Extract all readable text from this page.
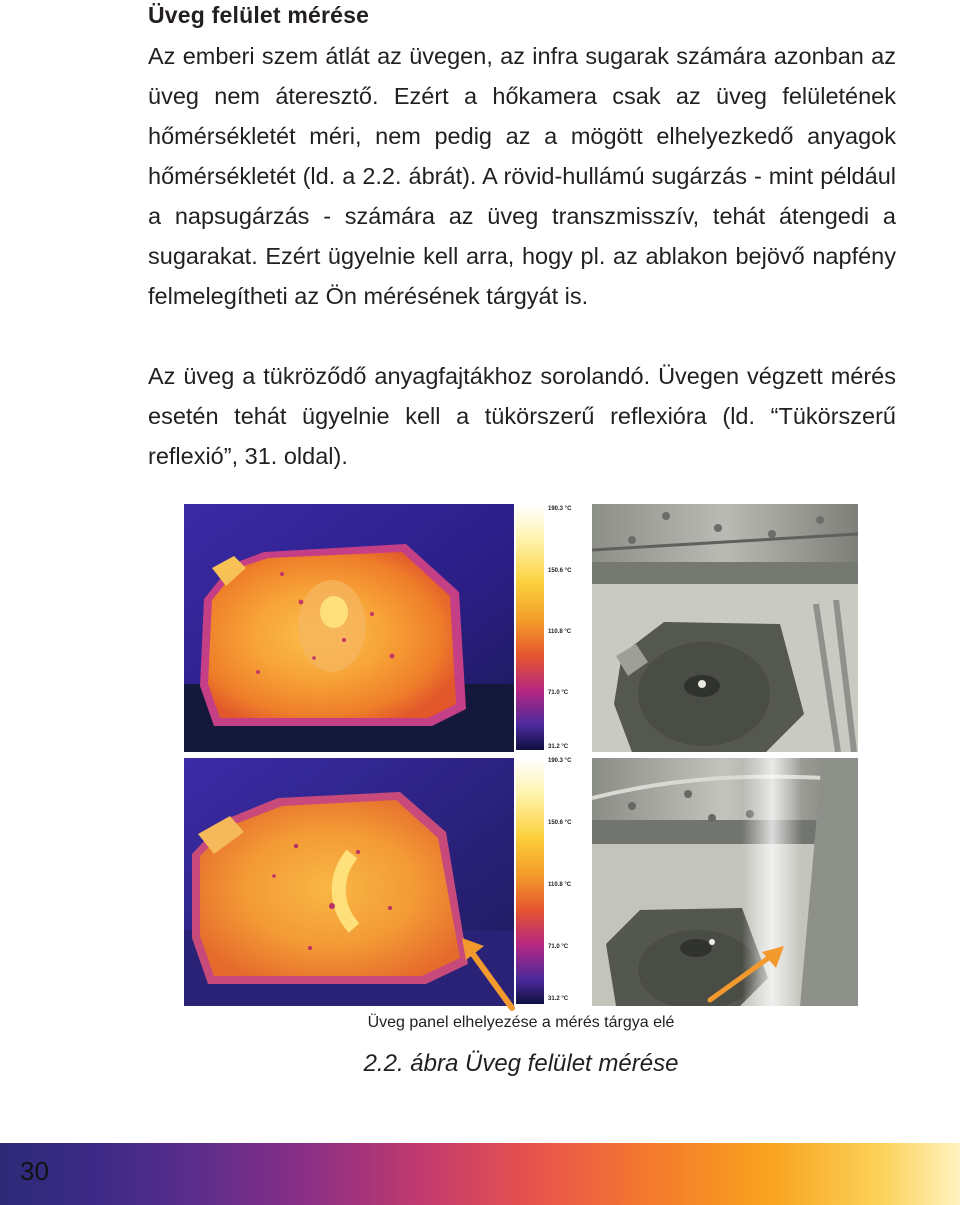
Üveg felület mérése

Az emberi szem átlát az üvegen, az infra sugarak számára azonban az üveg nem áteresztő. Ezért a hőkamera csak az üveg felületének hőmérsékletét méri, nem pedig az a mögött elhelyezkedő anyagok hőmérsékletét (ld. a 2.2. ábrát). A rövid-hullámú sugárzás - mint például a napsugárzás - számára az üveg transzmisszív, tehát átengedi a sugarakat. Ezért ügyelnie kell arra, hogy pl. az ablakon bejövő napfény felmelegítheti az Ön mérésének tárgyát is.

Az üveg a tükröződő anyagfajtákhoz sorolandó. Üvegen végzett mérés esetén tehát ügyelnie kell a tükörszerű reflexióra (ld. “Tükörszerű reflexió”, 31. oldal).

190.3 °C
150.6 °C
110.8 °C
71.0 °C
31.2 °C
190.3 °C
150.6 °C
110.8 °C
71.0 °C
31.2 °C
Üveg panel elhelyezése a mérés tárgya elé
2.2. ábra Üveg felület mérése
30
